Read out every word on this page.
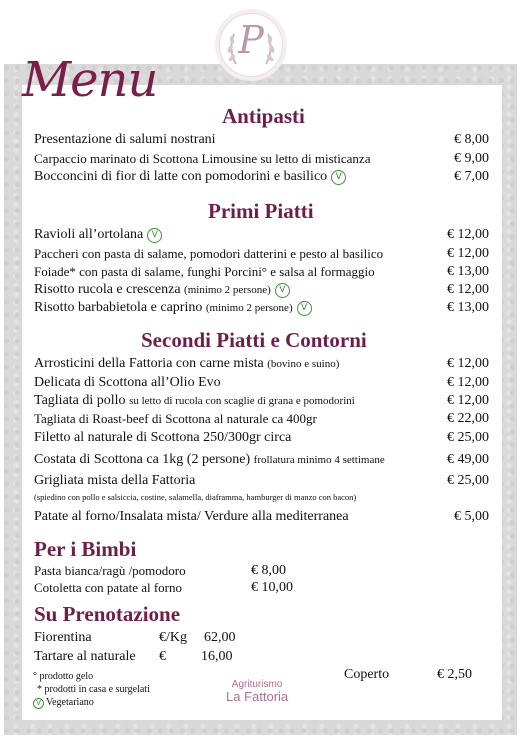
P
Menu
Antipasti
Presentazione di salumi nostrani	€ 8,00
Carpaccio marinato di Scottona Limousine su letto di misticanza	€ 9,00
Bocconcini di fior di latte con pomodorini e basilico V	€ 7,00
Primi Piatti
Ravioli all’ortolana V	€ 12,00
Paccheri con pasta di salame, pomodori datterini e pesto al basilico	€ 12,00
Foiade* con pasta di salame, funghi Porcini° e salsa al formaggio	€ 13,00
Risotto rucola e crescenza (minimo 2 persone) V	€ 12,00
Risotto barbabietola e caprino (minimo 2 persone) V	€ 13,00
Secondi Piatti e Contorni
Arrosticini della Fattoria con carne mista (bovino e suino)	€ 12,00
Delicata di Scottona all’Olio Evo	€ 12,00
Tagliata di pollo su letto di rucola con scaglie di grana e pomodorini	€ 12,00
Tagliata di Roast-beef di Scottona al naturale ca 400gr	€ 22,00
Filetto al naturale di Scottona 250/300gr circa	€ 25,00
Costata di Scottona ca 1kg (2 persone) frollatura minimo 4 settimane	€ 49,00
Grigliata mista della Fattoria	€ 25,00
(spiedino con pollo e salsiccia, costine, salamella, diaframma, hamburger di manzo con bacon)
Patate al forno/Insalata mista/ Verdure alla mediterranea	€ 5,00
Per i Bimbi
Pasta bianca/ragù /pomodoro	€ 8,00
Cotoletta con patate al forno	€ 10,00
Su Prenotazione
Fiorentina	€/Kg 62,00
Tartare al naturale €	16,00
° prodotto gelo
* prodotti in casa e surgelati
V Vegetariano
Agriturismo
La Fattoria
Coperto	€ 2,50
